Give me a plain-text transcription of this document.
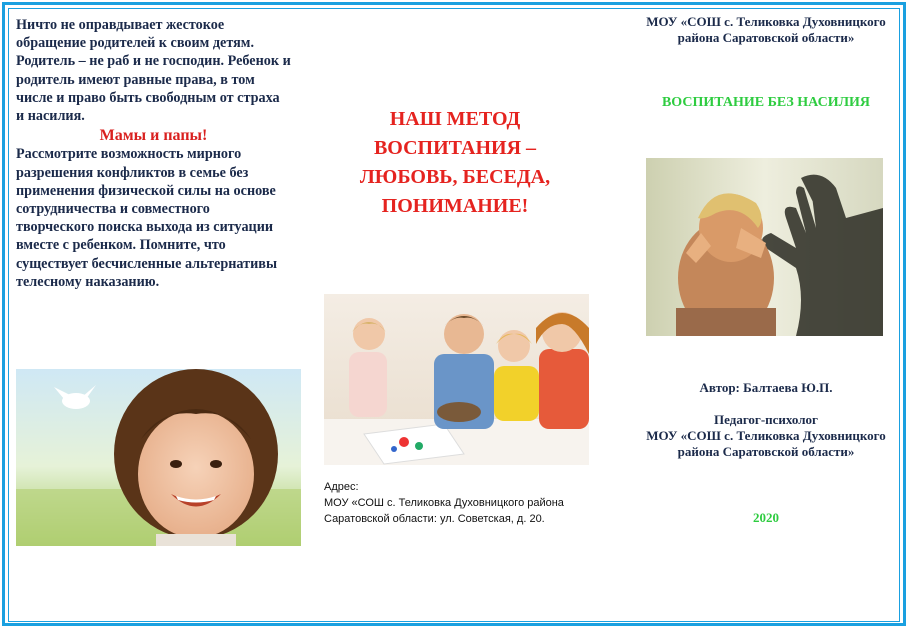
Ничто не оправдывает жестокое обращение родителей к своим детям. Родитель – не раб и не господин. Ребенок и родитель имеют равные права, в том числе и право быть свободным от страха и насилия.

Мамы и папы!

Рассмотрите возможность мирного разрешения конфликтов в семье без применения физической силы на основе сотрудничества и совместного творческого поиска выхода из ситуации вместе с ребенком. Помните, что существует бесчисленные альтернативы телесному наказанию.

НАШ МЕТОД ВОСПИТАНИЯ – ЛЮБОВЬ, БЕСЕДА, ПОНИМАНИЕ!
Адрес:
МОУ «СОШ с. Теликовка Духовницкого района
Саратовской области: ул. Советская, д. 20.
МОУ «СОШ с. Теликовка Духовницкого района Саратовской области»
ВОСПИТАНИЕ БЕЗ НАСИЛИЯ
Автор: Балтаева Ю.П.
Педагог-психолог
МОУ «СОШ с. Теликовка Духовницкого района Саратовской области»
2020
